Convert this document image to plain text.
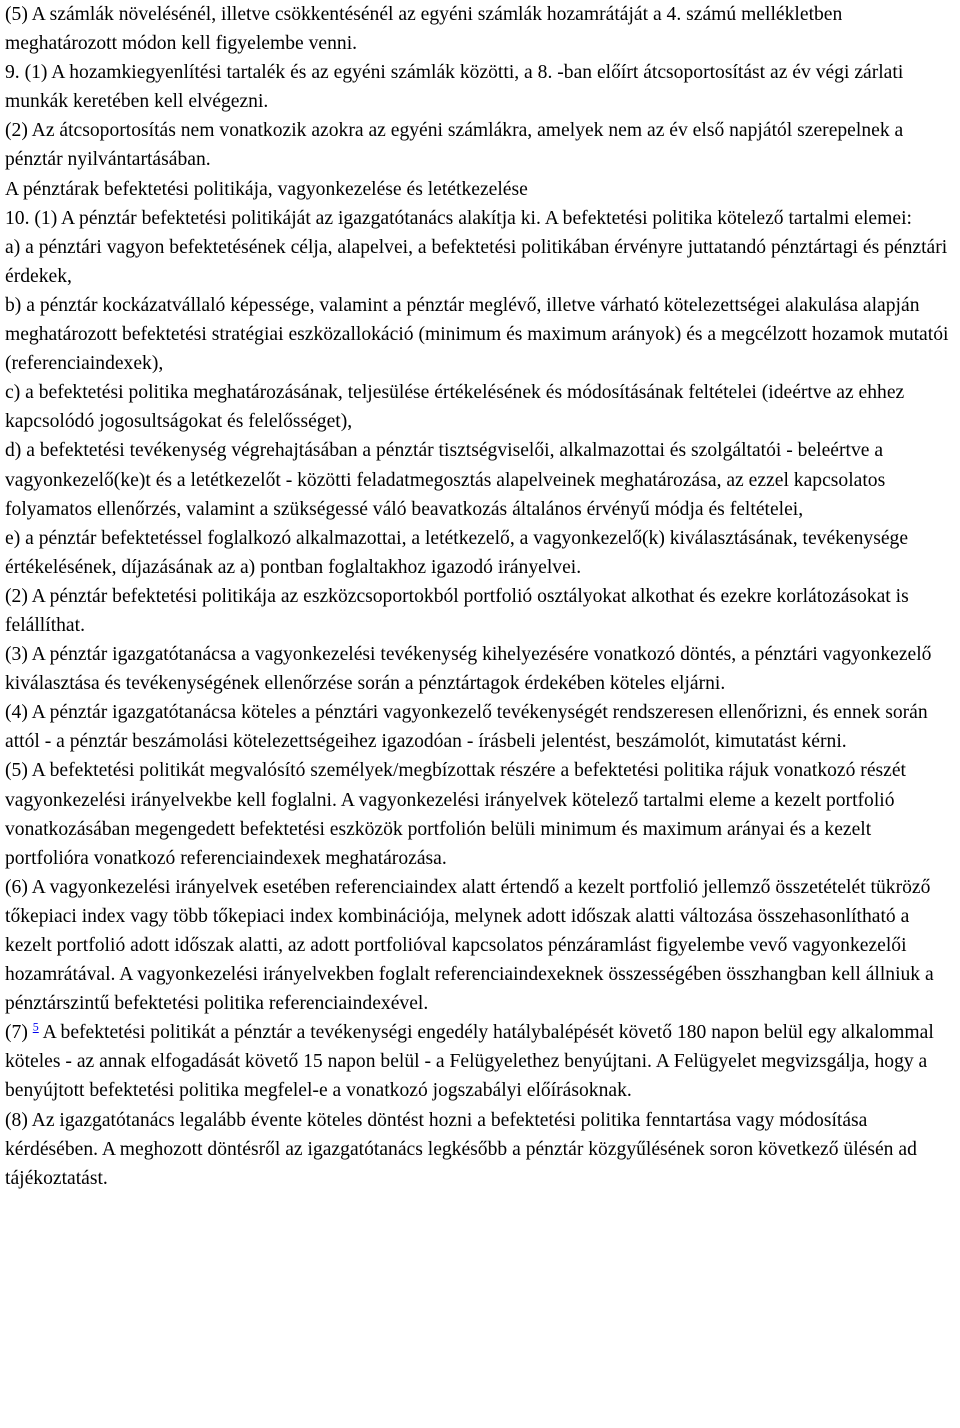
(5) A számlák növelésénél, illetve csökkentésénél az egyéni számlák hozamrátáját a 4. számú mellékletben meghatározott módon kell figyelembe venni.

9. (1) A hozamkiegyenlítési tartalék és az egyéni számlák közötti, a 8. -ban előírt átcsoportosítást az év végi zárlati munkák keretében kell elvégezni.

(2) Az átcsoportosítás nem vonatkozik azokra az egyéni számlákra, amelyek nem az év első napjától szerepelnek a pénztár nyilvántartásában.

A pénztárak befektetési politikája, vagyonkezelése és letétkezelése

10. (1) A pénztár befektetési politikáját az igazgatótanács alakítja ki. A befektetési politika kötelező tartalmi elemei:

a) a pénztári vagyon befektetésének célja, alapelvei, a befektetési politikában érvényre juttatandó pénztártagi és pénztári érdekek,

b) a pénztár kockázatvállaló képessége, valamint a pénztár meglévő, illetve várható kötelezettségei alakulása alapján meghatározott befektetési stratégiai eszközallokáció (minimum és maximum arányok) és a megcélzott hozamok mutatói (referenciaindexek),

c) a befektetési politika meghatározásának, teljesülése értékelésének és módosításának feltételei (ideértve az ehhez kapcsolódó jogosultságokat és felelősséget),

d) a befektetési tevékenység végrehajtásában a pénztár tisztségviselői, alkalmazottai és szolgáltatói - beleértve a vagyonkezelő(ke)t és a letétkezelőt - közötti feladatmegosztás alapelveinek meghatározása, az ezzel kapcsolatos folyamatos ellenőrzés, valamint a szükségessé váló beavatkozás általános érvényű módja és feltételei,

e) a pénztár befektetéssel foglalkozó alkalmazottai, a letétkezelő, a vagyonkezelő(k) kiválasztásának, tevékenysége értékelésének, díjazásának az a) pontban foglaltakhoz igazodó irányelvei.

(2) A pénztár befektetési politikája az eszközcsoportokból portfolió osztályokat alkothat és ezekre korlátozásokat is felállíthat.

(3) A pénztár igazgatótanácsa a vagyonkezelési tevékenység kihelyezésére vonatkozó döntés, a pénztári vagyonkezelő kiválasztása és tevékenységének ellenőrzése során a pénztártagok érdekében köteles eljárni.

(4) A pénztár igazgatótanácsa köteles a pénztári vagyonkezelő tevékenységét rendszeresen ellenőrizni, és ennek során attól - a pénztár beszámolási kötelezettségeihez igazodóan - írásbeli jelentést, beszámolót, kimutatást kérni.

(5) A befektetési politikát megvalósító személyek/megbízottak részére a befektetési politika rájuk vonatkozó részét vagyonkezelési irányelvekbe kell foglalni. A vagyonkezelési irányelvek kötelező tartalmi eleme a kezelt portfolió vonatkozásában megengedett befektetési eszközök portfolión belüli minimum és maximum arányai és a kezelt portfolióra vonatkozó referenciaindexek meghatározása.

(6) A vagyonkezelési irányelvek esetében referenciaindex alatt értendő a kezelt portfolió jellemző összetételét tükröző tőkepiaci index vagy több tőkepiaci index kombinációja, melynek adott időszak alatti változása összehasonlítható a kezelt portfolió adott időszak alatti, az adott portfolióval kapcsolatos pénzáramlást figyelembe vevő vagyonkezelői hozamrátával. A vagyonkezelési irányelvekben foglalt referenciaindexeknek összességében összhangban kell állniuk a pénztárszintű befektetési politika referenciaindexével.

(7) $^5$ A befektetési politikát a pénztár a tevékenységi engedély hatálybalépését követő 180 napon belül egy alkalommal köteles - az annak elfogadását követő 15 napon belül - a Felügyelethez benyújtani. A Felügyelet megvizsgálja, hogy a benyújtott befektetési politika megfelel-e a vonatkozó jogszabályi előírásoknak.

(8) Az igazgatótanács legalább évente köteles döntést hozni a befektetési politika fenntartása vagy módosítása kérdésében. A meghozott döntésről az igazgatótanács legkésőbb a pénztár közgyűlésének soron következő ülésén ad tájékoztatást.
